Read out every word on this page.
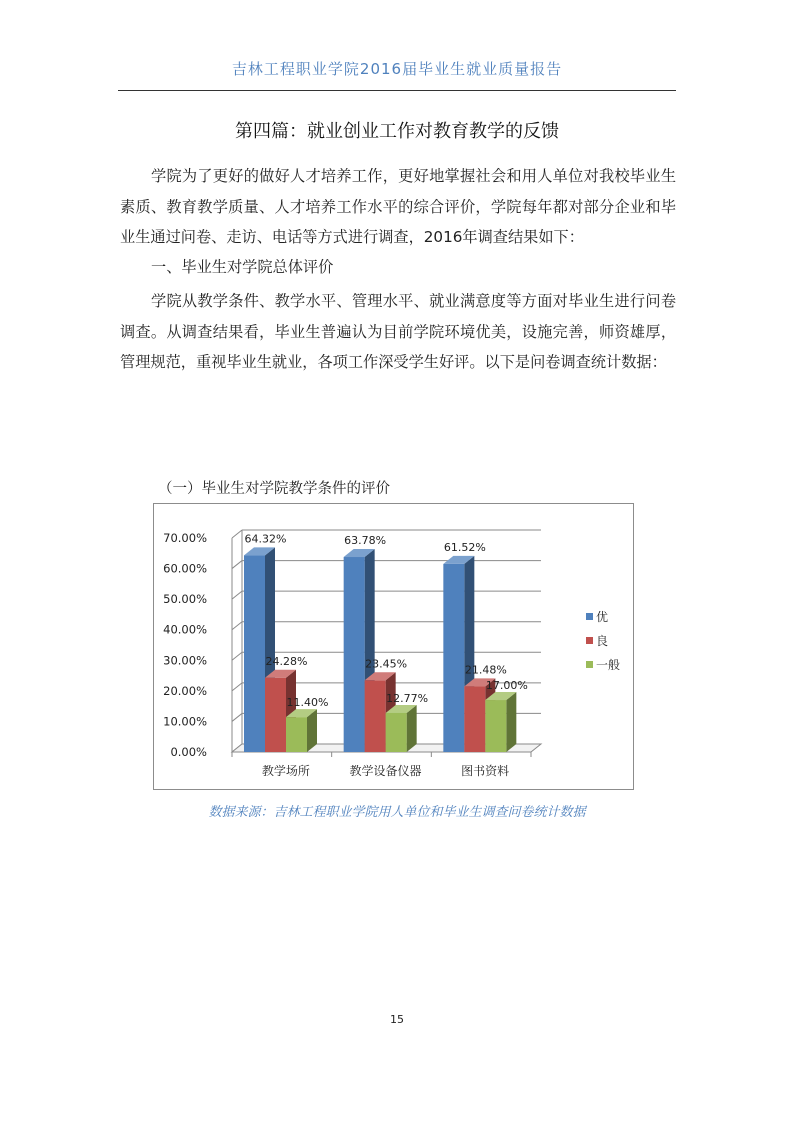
吉林工程职业学院2016届毕业生就业质量报告
第四篇：就业创业工作对教育教学的反馈
学院为了更好的做好人才培养工作，更好地掌握社会和用人单位对我校毕业生素质、教育教学质量、人才培养工作水平的综合评价，学院每年都对部分企业和毕业生通过问卷、走访、电话等方式进行调查，2016年调查结果如下：
一、毕业生对学院总体评价
学院从教学条件、教学水平、管理水平、就业满意度等方面对毕业生进行问卷调查。从调查结果看，毕业生普遍认为目前学院环境优美，设施完善，师资雄厚，管理规范，重视毕业生就业，各项工作深受学生好评。以下是问卷调查统计数据：
（一）毕业生对学院教学条件的评价
0.00%
10.00%
20.00%
30.00%
40.00%
50.00%
60.00%
70.00%	64.32%
24.28%
11.40%
教学场所
63.78%
23.45%
12.77%
教学设备仪器
61.52%
21.48%
17.00%
图书资料
优
良
一般
数据来源：吉林工程职业学院用人单位和毕业生调查问卷统计数据
15
